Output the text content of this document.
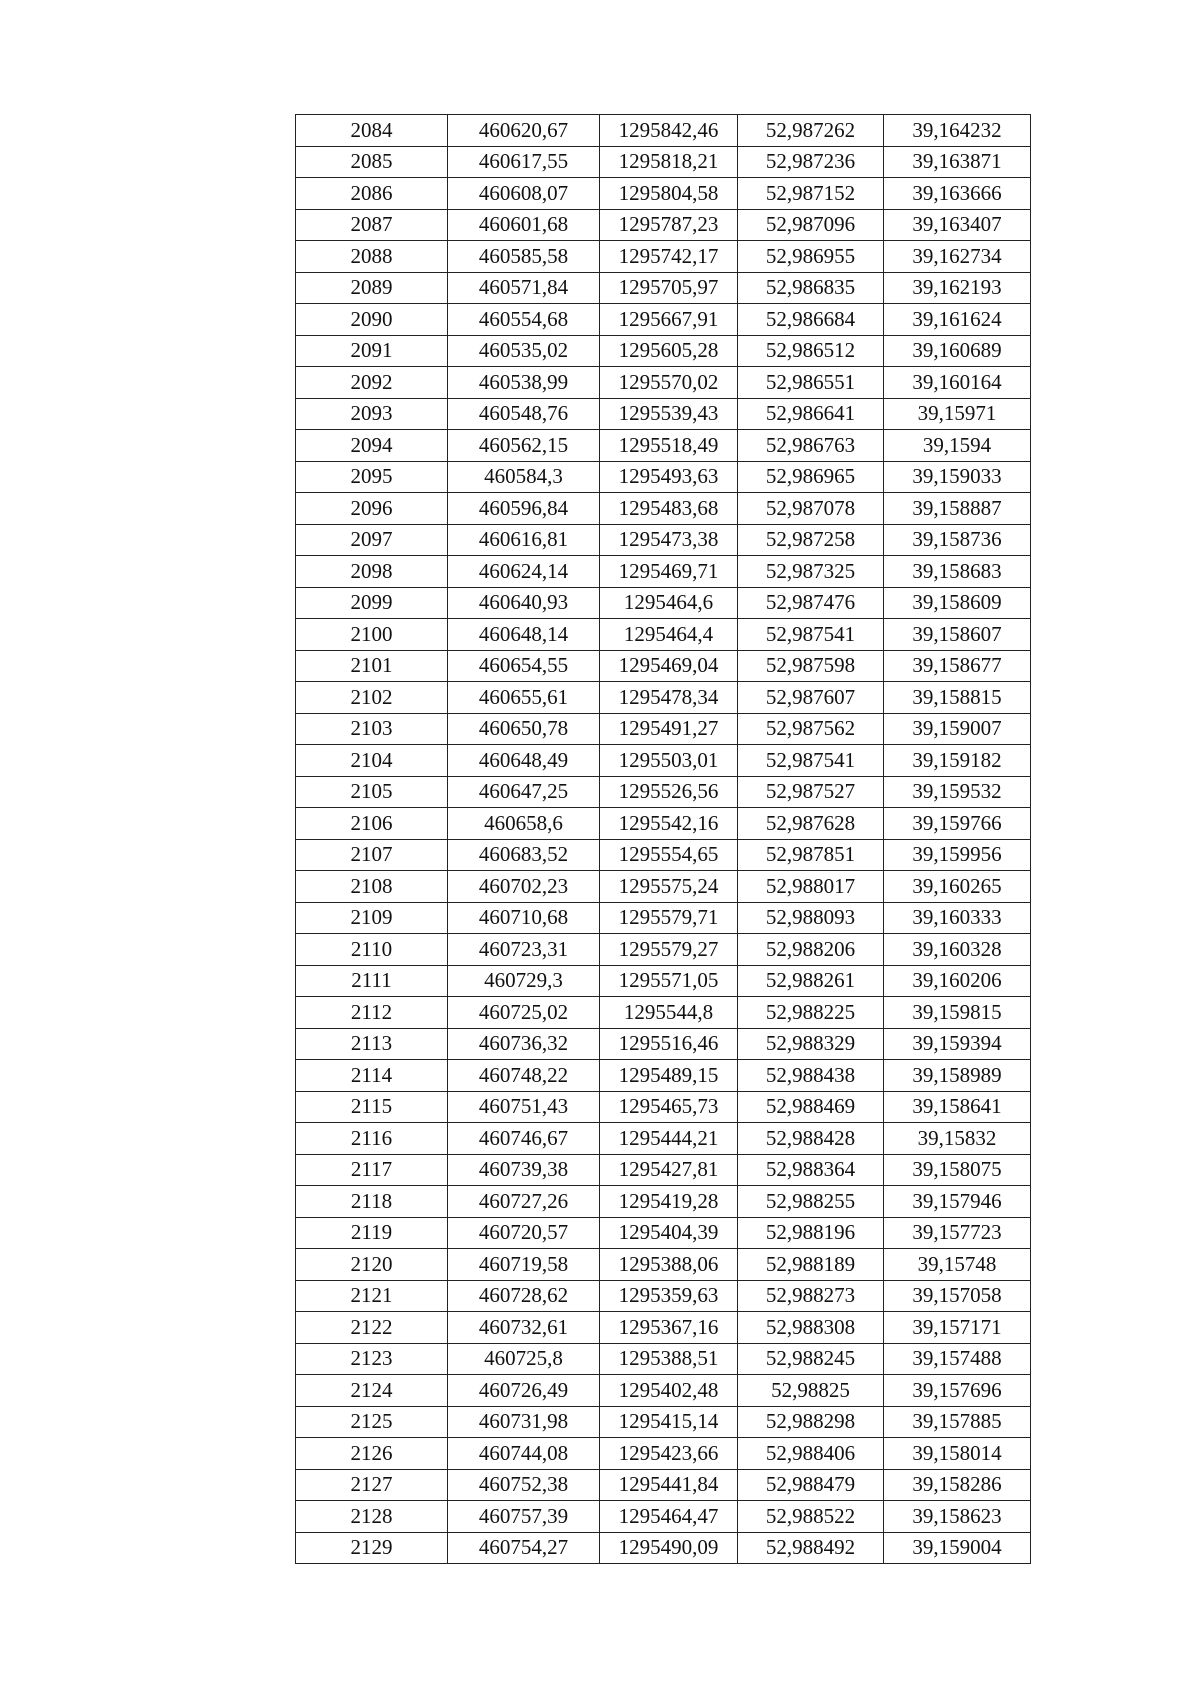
2084	460620,67	1295842,46	52,987262	39,164232
2085	460617,55	1295818,21	52,987236	39,163871
2086	460608,07	1295804,58	52,987152	39,163666
2087	460601,68	1295787,23	52,987096	39,163407
2088	460585,58	1295742,17	52,986955	39,162734
2089	460571,84	1295705,97	52,986835	39,162193
2090	460554,68	1295667,91	52,986684	39,161624
2091	460535,02	1295605,28	52,986512	39,160689
2092	460538,99	1295570,02	52,986551	39,160164
2093	460548,76	1295539,43	52,986641	39,15971
2094	460562,15	1295518,49	52,986763	39,1594
2095	460584,3	1295493,63	52,986965	39,159033
2096	460596,84	1295483,68	52,987078	39,158887
2097	460616,81	1295473,38	52,987258	39,158736
2098	460624,14	1295469,71	52,987325	39,158683
2099	460640,93	1295464,6	52,987476	39,158609
2100	460648,14	1295464,4	52,987541	39,158607
2101	460654,55	1295469,04	52,987598	39,158677
2102	460655,61	1295478,34	52,987607	39,158815
2103	460650,78	1295491,27	52,987562	39,159007
2104	460648,49	1295503,01	52,987541	39,159182
2105	460647,25	1295526,56	52,987527	39,159532
2106	460658,6	1295542,16	52,987628	39,159766
2107	460683,52	1295554,65	52,987851	39,159956
2108	460702,23	1295575,24	52,988017	39,160265
2109	460710,68	1295579,71	52,988093	39,160333
2110	460723,31	1295579,27	52,988206	39,160328
2111	460729,3	1295571,05	52,988261	39,160206
2112	460725,02	1295544,8	52,988225	39,159815
2113	460736,32	1295516,46	52,988329	39,159394
2114	460748,22	1295489,15	52,988438	39,158989
2115	460751,43	1295465,73	52,988469	39,158641
2116	460746,67	1295444,21	52,988428	39,15832
2117	460739,38	1295427,81	52,988364	39,158075
2118	460727,26	1295419,28	52,988255	39,157946
2119	460720,57	1295404,39	52,988196	39,157723
2120	460719,58	1295388,06	52,988189	39,15748
2121	460728,62	1295359,63	52,988273	39,157058
2122	460732,61	1295367,16	52,988308	39,157171
2123	460725,8	1295388,51	52,988245	39,157488
2124	460726,49	1295402,48	52,98825	39,157696
2125	460731,98	1295415,14	52,988298	39,157885
2126	460744,08	1295423,66	52,988406	39,158014
2127	460752,38	1295441,84	52,988479	39,158286
2128	460757,39	1295464,47	52,988522	39,158623
2129	460754,27	1295490,09	52,988492	39,159004
